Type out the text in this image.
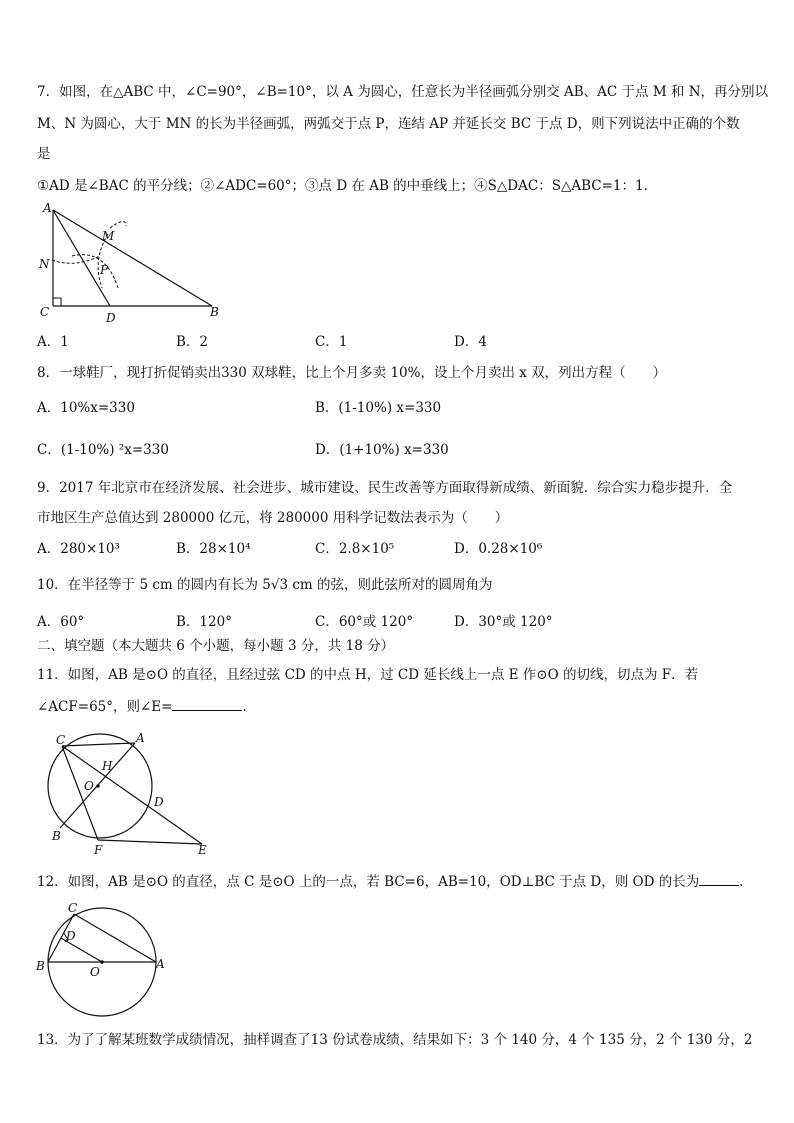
7．如图，在△ABC 中，∠C=90°，∠B=10°，以 A 为圆心，任意长为半径画弧分别交 AB、AC 于点 M 和 N，再分别以
M、N 为圆心，大于 MN 的长为半径画弧，两弧交于点 P，连结 AP 并延长交 BC 于点 D，则下列说法中正确的个数
是
①AD 是∠BAC 的平分线；②∠ADC=60°；③点 D 在 AB 的中垂线上；④S△DAC：S△ABC=1：1．
A
M
N	P
C	D	B
A．1	B．2	C．1	D．4
8．一球鞋厂，现打折促销卖出330 双球鞋，比上个月多卖 10%，设上个月卖出 x 双，列出方程（　　）
A．10%x=330	B．(1-10%) x=330
C．(1-10%) ²x=330	D．(1+10%) x=330
9．2017 年北京市在经济发展、社会进步、城市建设、民生改善等方面取得新成绩、新面貌．综合实力稳步提升．全
市地区生产总值达到 280000 亿元，将 280000 用科学记数法表示为（　　）
A．280×10³	B．28×10⁴	C．2.8×10⁵	D．0.28×10⁶
10．在半径等于 5 cm 的圆内有长为 5√3 cm 的弦，则此弦所对的圆周角为
A．60°	B．120°	C．60°或 120°	D．30°或 120°
二、填空题（本大题共 6 个小题，每小题 3 分，共 18 分）
11．如图，AB 是⊙O 的直径，且经过弦 CD 的中点 H，过 CD 延长线上一点 E 作⊙O 的切线，切点为 F．若
∠ACF=65°，则∠E=	．
C	A
H
O
D
B
F	E
12．如图，AB 是⊙O 的直径，点 C 是⊙O 上的一点，若 BC=6，AB=10，OD⊥BC 于点 D，则 OD 的长为	．
C
D
B	O
A
13．为了了解某班数学成绩情况，抽样调查了13 份试卷成绩，结果如下：3 个 140 分，4 个 135 分，2 个 130 分，2
